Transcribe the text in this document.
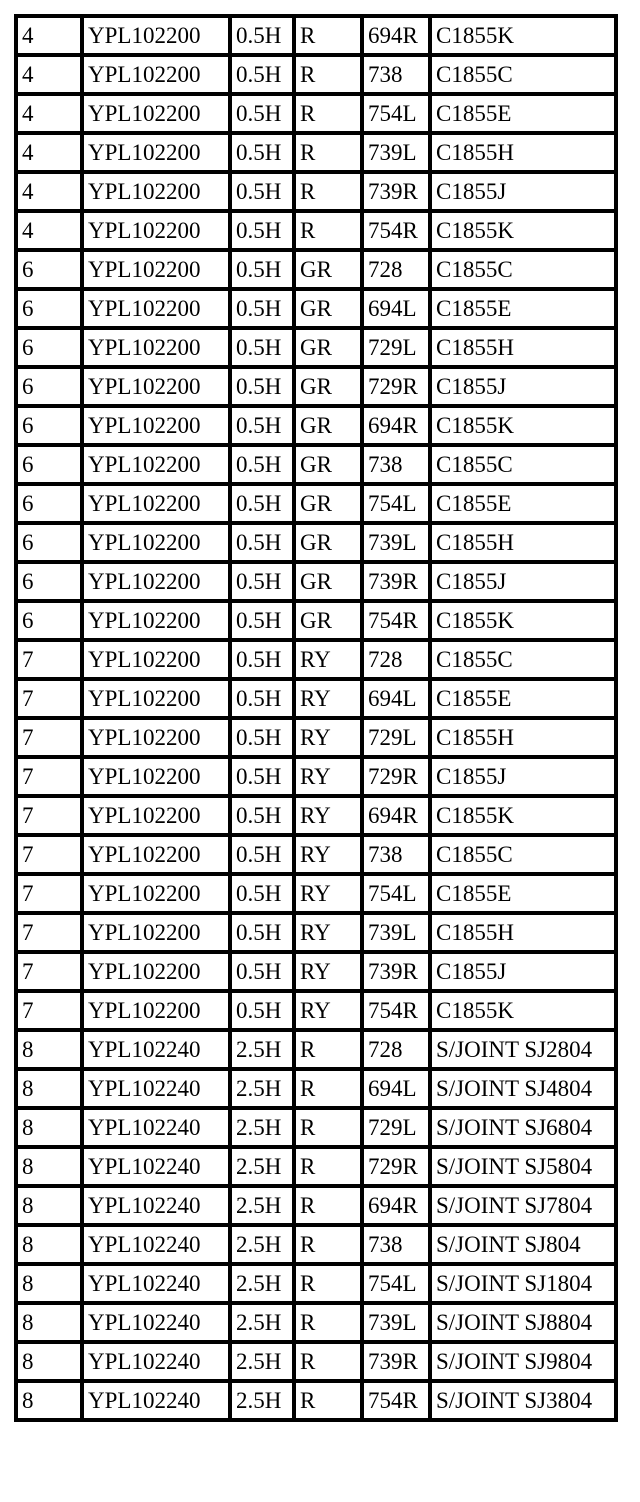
4	YPL102200	0.5H	R	694R	C1855K
4	YPL102200	0.5H	R	738	C1855C
4	YPL102200	0.5H	R	754L	C1855E
4	YPL102200	0.5H	R	739L	C1855H
4	YPL102200	0.5H	R	739R	C1855J
4	YPL102200	0.5H	R	754R	C1855K
6	YPL102200	0.5H	GR	728	C1855C
6	YPL102200	0.5H	GR	694L	C1855E
6	YPL102200	0.5H	GR	729L	C1855H
6	YPL102200	0.5H	GR	729R	C1855J
6	YPL102200	0.5H	GR	694R	C1855K
6	YPL102200	0.5H	GR	738	C1855C
6	YPL102200	0.5H	GR	754L	C1855E
6	YPL102200	0.5H	GR	739L	C1855H
6	YPL102200	0.5H	GR	739R	C1855J
6	YPL102200	0.5H	GR	754R	C1855K
7	YPL102200	0.5H	RY	728	C1855C
7	YPL102200	0.5H	RY	694L	C1855E
7	YPL102200	0.5H	RY	729L	C1855H
7	YPL102200	0.5H	RY	729R	C1855J
7	YPL102200	0.5H	RY	694R	C1855K
7	YPL102200	0.5H	RY	738	C1855C
7	YPL102200	0.5H	RY	754L	C1855E
7	YPL102200	0.5H	RY	739L	C1855H
7	YPL102200	0.5H	RY	739R	C1855J
7	YPL102200	0.5H	RY	754R	C1855K
8	YPL102240	2.5H	R	728	S/JOINT SJ2804
8	YPL102240	2.5H	R	694L	S/JOINT SJ4804
8	YPL102240	2.5H	R	729L	S/JOINT SJ6804
8	YPL102240	2.5H	R	729R	S/JOINT SJ5804
8	YPL102240	2.5H	R	694R	S/JOINT SJ7804
8	YPL102240	2.5H	R	738	S/JOINT SJ804
8	YPL102240	2.5H	R	754L	S/JOINT SJ1804
8	YPL102240	2.5H	R	739L	S/JOINT SJ8804
8	YPL102240	2.5H	R	739R	S/JOINT SJ9804
8	YPL102240	2.5H	R	754R	S/JOINT SJ3804
